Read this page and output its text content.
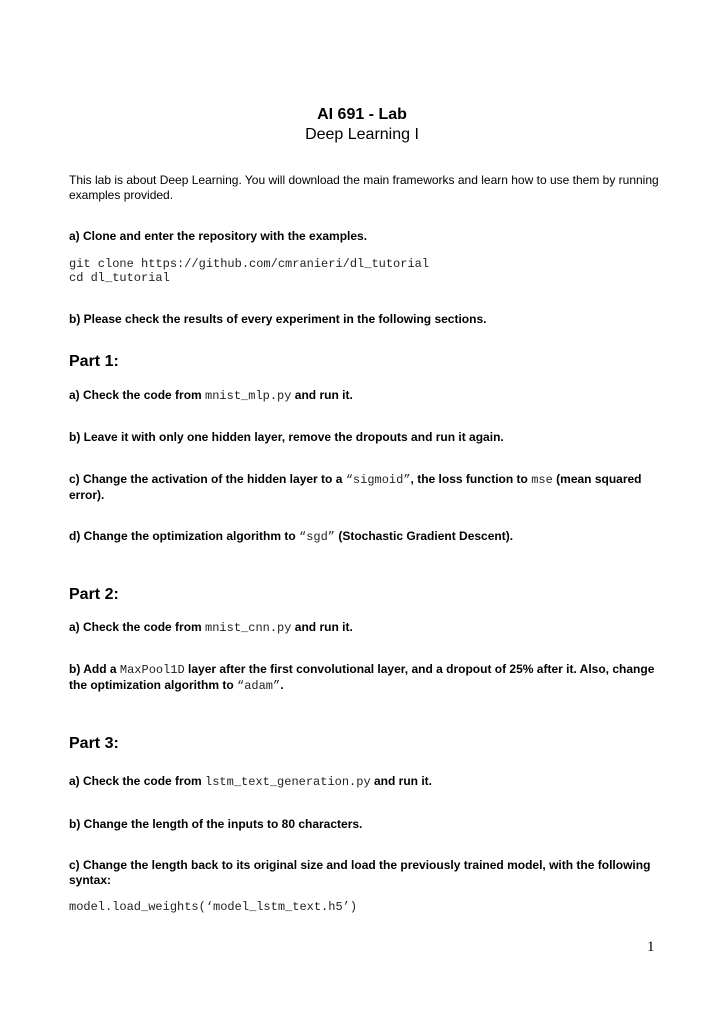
AI 691 - Lab
Deep Learning I
This lab is about Deep Learning. You will download the main frameworks and learn how to use them by running examples provided.
a) Clone and enter the repository with the examples.
git clone https://github.com/cmranieri/dl_tutorial
cd dl_tutorial
b) Please check the results of every experiment in the following sections.
Part 1:
a) Check the code from mnist_mlp.py and run it.
b) Leave it with only one hidden layer, remove the dropouts and run it again.
c) Change the activation of the hidden layer to a “sigmoid”, the loss function to mse (mean squared error).
d) Change the optimization algorithm to “sgd” (Stochastic Gradient Descent).
Part 2:
a) Check the code from mnist_cnn.py and run it.
b) Add a MaxPool1D layer after the first convolutional layer, and a dropout of 25% after it. Also, change the optimization algorithm to “adam”.
Part 3:
a) Check the code from lstm_text_generation.py and run it.
b) Change the length of the inputs to 80 characters.
c) Change the length back to its original size and load the previously trained model, with the following syntax:
model.load_weights(‘model_lstm_text.h5’)
1
